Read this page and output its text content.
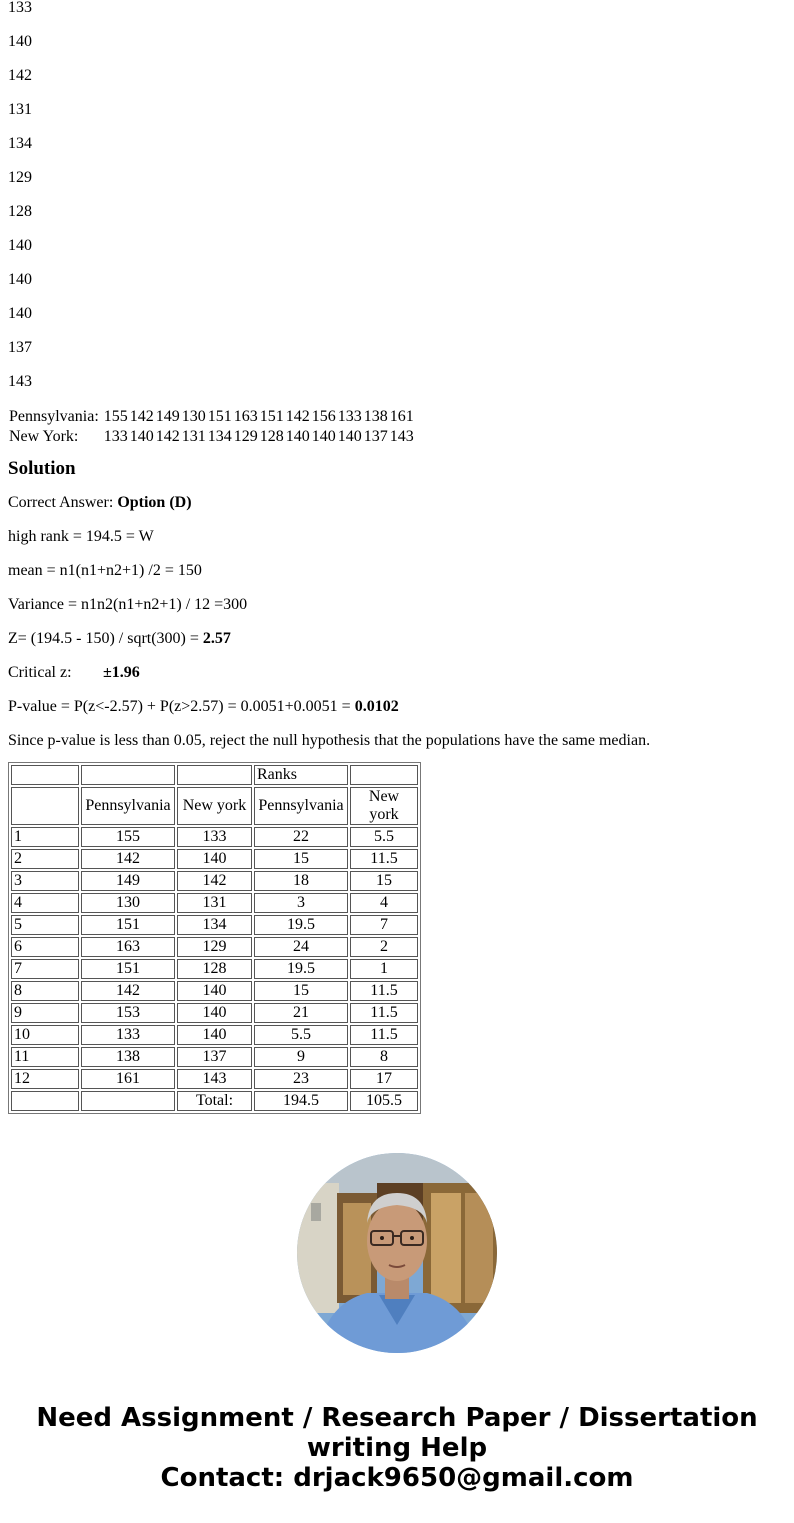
133

140

142

131

134

129

128

140

140

140

137

143

Pennsylvania:	155	142	149	130	151	163	151	142	156	133	138	161
New York:	133	140	142	131	134	129	128	140	140	140	137	143
Solution

Correct Answer: Option (D)

high rank = 194.5 = W

mean = n1(n1+n2+1) /2 = 150

Variance = n1n2(n1+n2+1) / 12 =300

Z= (194.5 - 150) / sqrt(300) = 2.57

Critical z: ±1.96

P-value = P(z<-2.57) + P(z>2.57) = 0.0051+0.0051 = 0.0102

Since p-value is less than 0.05, reject the null hypothesis that the populations have the same median.

			Ranks	
	Pennsylvania	New york	Pennsylvania	New york
1	155	133	22	5.5
2	142	140	15	11.5
3	149	142	18	15
4	130	131	3	4
5	151	134	19.5	7
6	163	129	24	2
7	151	128	19.5	1
8	142	140	15	11.5
9	153	140	21	11.5
10	133	140	5.5	11.5
11	138	137	9	8
12	161	143	23	17
		Total:	194.5	105.5
Need Assignment / Research Paper / Dissertation
writing Help
Contact: drjack9650@gmail.com
